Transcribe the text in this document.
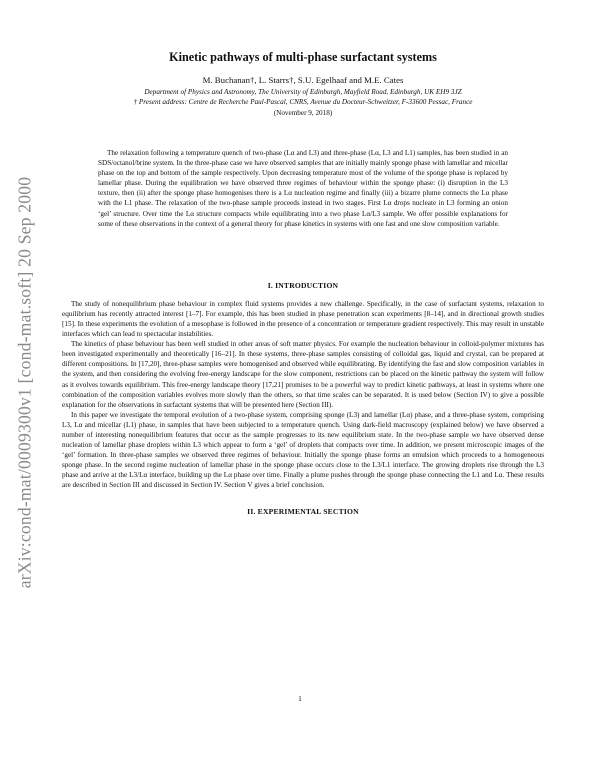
arXiv:cond-mat/0009300v1 [cond-mat.soft] 20 Sep 2000
Kinetic pathways of multi-phase surfactant systems
M. Buchanan†, L. Starrs†, S.U. Egelhaaf and M.E. Cates
Department of Physics and Astronomy, The University of Edinburgh, Mayfield Road, Edinburgh, UK EH9 3JZ
† Present address: Centre de Recherche Paul-Pascal, CNRS, Avenue du Docteur-Schweitzer, F-33600 Pessac, France
(November 9, 2018)
The relaxation following a temperature quench of two-phase (Lα and L3) and three-phase (Lα, L3 and L1) samples, has been studied in an SDS/octanol/brine system. In the three-phase case we have observed samples that are initially mainly sponge phase with lamellar and micellar phase on the top and bottom of the sample respectively. Upon decreasing temperature most of the volume of the sponge phase is replaced by lamellar phase. During the equilibration we have observed three regimes of behaviour within the sponge phase: (i) disruption in the L3 texture, then (ii) after the sponge phase homogenises there is a Lα nucleation regime and finally (iii) a bizarre plume connects the Lα phase with the L1 phase. The relaxation of the two-phase sample proceeds instead in two stages. First Lα drops nucleate in L3 forming an onion ‘gel’ structure. Over time the Lα structure compacts while equilibrating into a two phase Lα/L3 sample. We offer possible explanations for some of these observations in the context of a general theory for phase kinetics in systems with one fast and one slow composition variable.
I. INTRODUCTION

The study of nonequilibrium phase behaviour in complex fluid systems provides a new challenge. Specifically, in the case of surfactant systems, relaxation to equilibrium has recently attracted interest [1–7]. For example, this has been studied in phase penetration scan experiments [8–14], and in directional growth studies [15]. In these experiments the evolution of a mesophase is followed in the presence of a concentration or temperature gradient respectively. This may result in unstable interfaces which can lead to spectacular instabilities.

The kinetics of phase behaviour has been well studied in other areas of soft matter physics. For example the nucleation behaviour in colloid-polymer mixtures has been investigated experimentally and theoretically [16–21]. In these systems, three-phase samples consisting of colloidal gas, liquid and crystal, can be prepared at different compositions. In [17,20], three-phase samples were homogenised and observed while equilibrating. By identifying the fast and slow composition variables in the system, and then considering the evolving free-energy landscape for the slow component, restrictions can be placed on the kinetic pathway the system will follow as it evolves towards equilibrium. This free-energy landscape theory [17,21] promises to be a powerful way to predict kinetic pathways, at least in systems where one combination of the composition variables evolves more slowly than the others, so that time scales can be separated. It is used below (Section IV) to give a possible explanation for the observations in surfactant systems that will be presented here (Section III).

In this paper we investigate the temporal evolution of a two-phase system, comprising sponge (L3) and lamellar (Lα) phase, and a three-phase system, comprising L3, Lα and micellar (L1) phase, in samples that have been subjected to a temperature quench. Using dark-field macroscopy (explained below) we have observed a number of interesting nonequilibrium features that occur as the sample progresses to its new equilibrium state. In the two-phase sample we have observed dense nucleation of lamellar phase droplets within L3 which appear to form a ‘gel’ of droplets that compacts over time. In addition, we present microscopic images of the ‘gel’ formation. In three-phase samples we observed three regimes of behaviour. Initially the sponge phase forms an emulsion which proceeds to a homogeneous sponge phase. In the second regime nucleation of lamellar phase in the sponge phase occurs close to the L3/L1 interface. The growing droplets rise through the L3 phase and arrive at the L3/Lα interface, building up the Lα phase over time. Finally a plume pushes through the sponge phase connecting the L1 and Lα. These results are described in Section III and discussed in Section IV. Section V gives a brief conclusion.

II. EXPERIMENTAL SECTION
1
